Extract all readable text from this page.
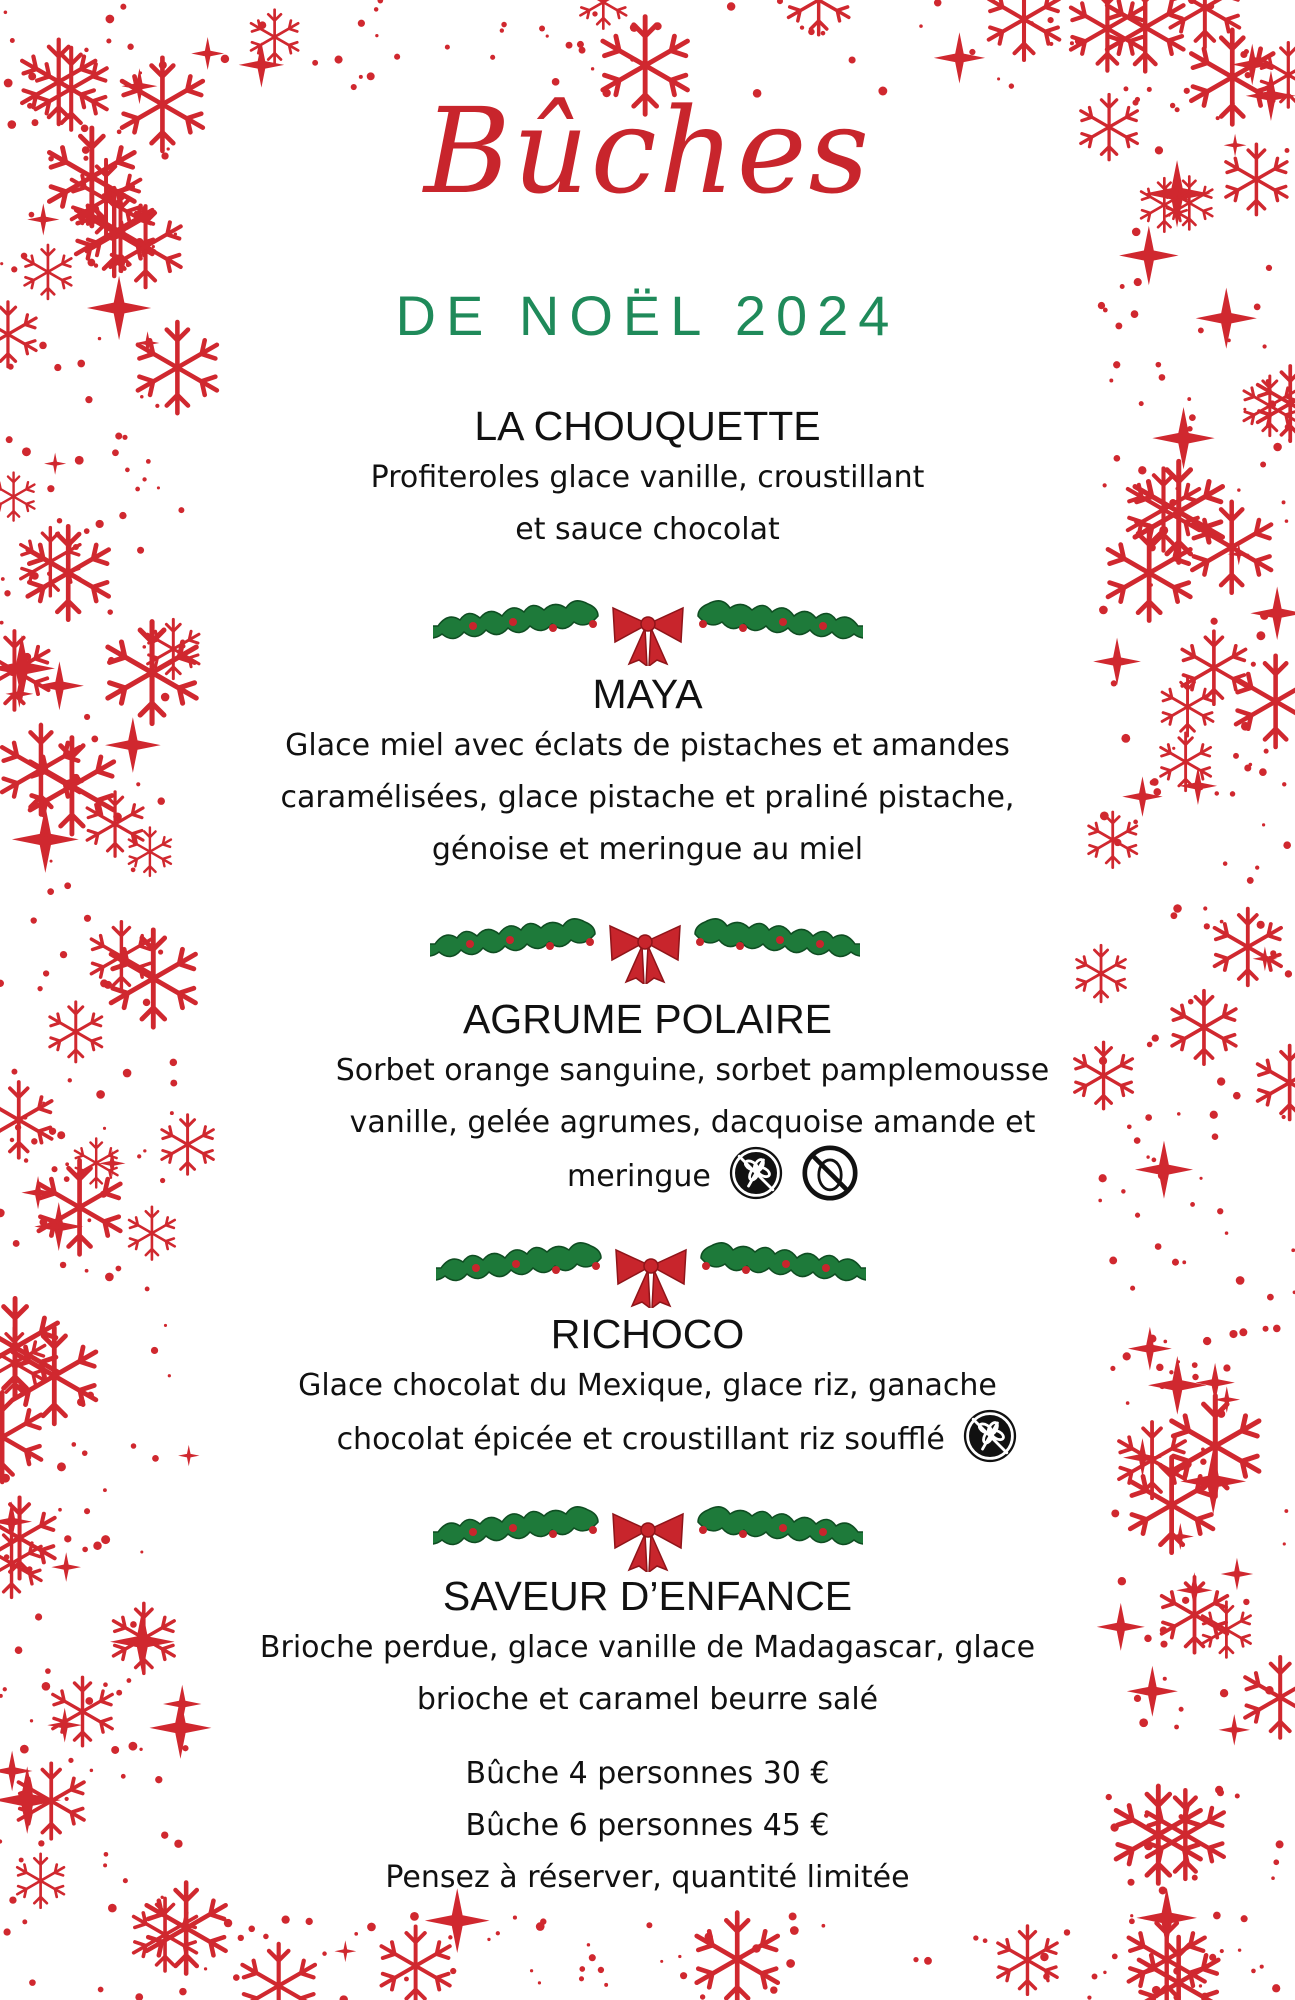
Bûches
DE NOËL 2024
LA CHOUQUETTE
Profiteroles glace vanille, croustillant
et sauce chocolat
MAYA
Glace miel avec éclats de pistaches et amandes
caramélisées, glace pistache et praliné pistache,
génoise et meringue au miel
AGRUME POLAIRE
Sorbet orange sanguine, sorbet pamplemousse
vanille, gelée agrumes, dacquoise amande et
meringue
RICHOCO
Glace chocolat du Mexique, glace riz, ganache
chocolat épicée et croustillant riz soufflé
SAVEUR D’ENFANCE
Brioche perdue, glace vanille de Madagascar, glace
brioche et caramel beurre salé
Bûche 4 personnes 30 €
Bûche 6 personnes 45 €
Pensez à réserver, quantité limitée
